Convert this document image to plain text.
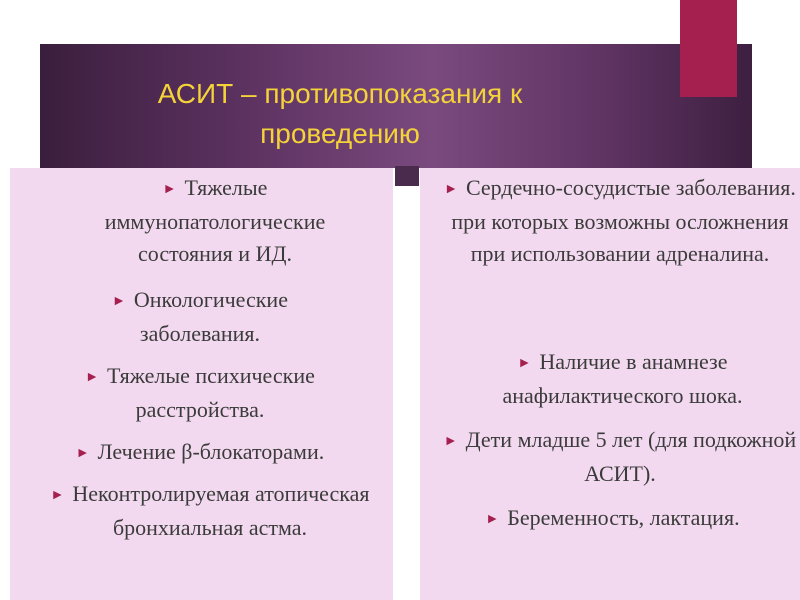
АСИТ – противопоказания к проведению
► Тяжелые иммунопатологические состояния и ИД.
► Онкологические заболевания.
► Тяжелые психические расстройства.
► Лечение β-блокаторами.
► Неконтролируемая атопическая бронхиальная астма.
► Сердечно-сосудистые заболевания. при которых возможны осложнения при использовании адреналина.
► Наличие в анамнезе анафилактического шока.
► Дети младше 5 лет (для подкожной АСИТ).
► Беременность, лактация.
